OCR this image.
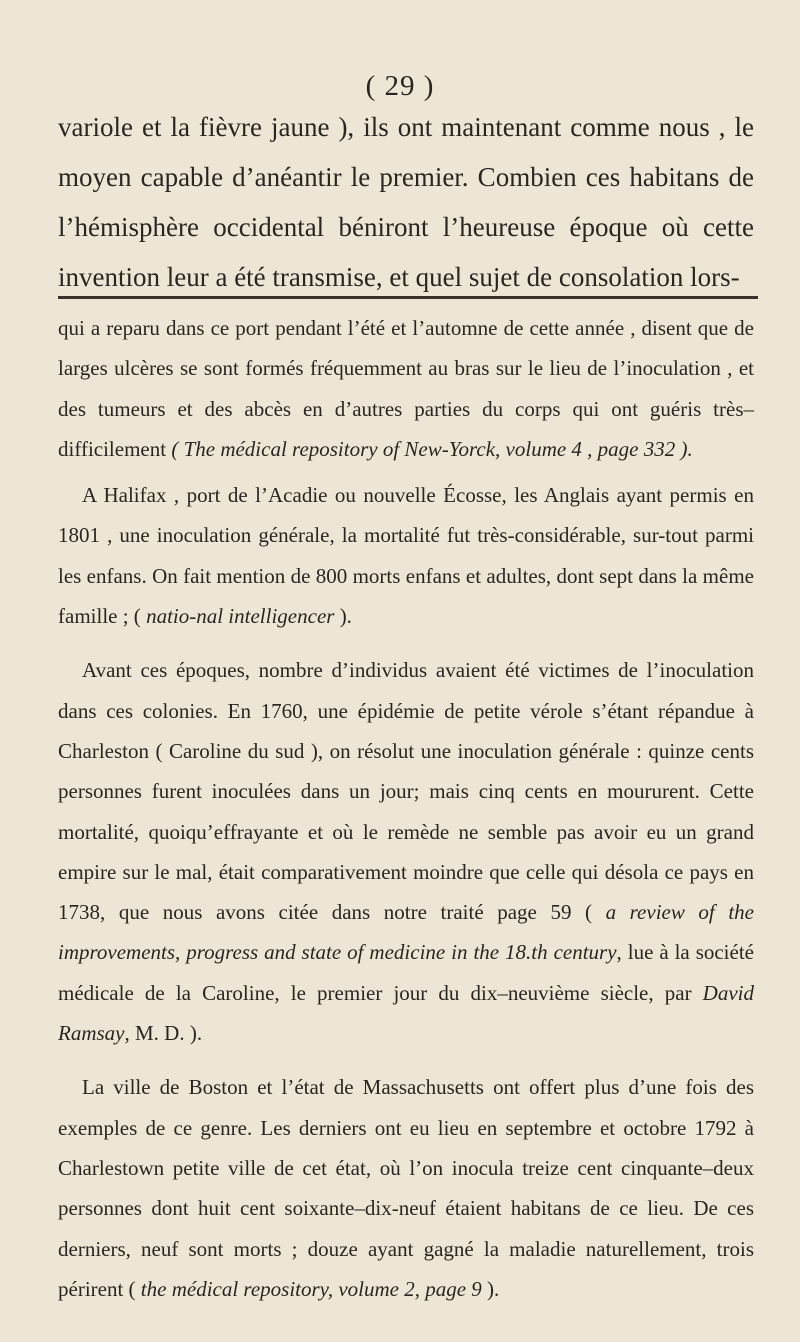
( 29 )

variole et la fièvre jaune ), ils ont maintenant comme nous , le moyen capable d’anéantir le premier. Combien ces habitans de l’hémisphère occidental béniront l’heureuse époque où cette invention leur a été transmise, et quel sujet de consolation lors-

qui a reparu dans ce port pendant l’été et l’automne de cette année , disent que de larges ulcères se sont formés fréquemment au bras sur le lieu de l’inoculation , et des tumeurs et des abcès en d’autres parties du corps qui ont guéris très–difficilement ( The médical repository of New-Yorck, volume 4 , page 332 ).

A Halifax , port de l’Acadie ou nouvelle Écosse, les Anglais ayant permis en 1801 , une inoculation générale, la mortalité fut très-considérable, sur-tout parmi les enfans. On fait mention de 800 morts enfans et adultes, dont sept dans la même famille ; ( natio-nal intelligencer ).

Avant ces époques, nombre d’individus avaient été victimes de l’inoculation dans ces colonies. En 1760, une épidémie de petite vérole s’étant répandue à Charleston ( Caroline du sud ), on résolut une inoculation générale : quinze cents personnes furent inoculées dans un jour; mais cinq cents en moururent. Cette mortalité, quoiqu’effrayante et où le remède ne semble pas avoir eu un grand empire sur le mal, était comparativement moindre que celle qui désola ce pays en 1738, que nous avons citée dans notre traité page 59 ( a review of the improvements, progress and state of medicine in the 18.th century, lue à la société médicale de la Caroline, le premier jour du dix–neuvième siècle, par David Ramsay, M. D. ).

La ville de Boston et l’état de Massachusetts ont offert plus d’une fois des exemples de ce genre. Les derniers ont eu lieu en septembre et octobre 1792 à Charlestown petite ville de cet état, où l’on inocula treize cent cinquante–deux personnes dont huit cent soixante–dix-neuf étaient habitans de ce lieu. De ces derniers, neuf sont morts ; douze ayant gagné la maladie naturellement, trois périrent ( the médical repository, volume 2, page 9 ).
